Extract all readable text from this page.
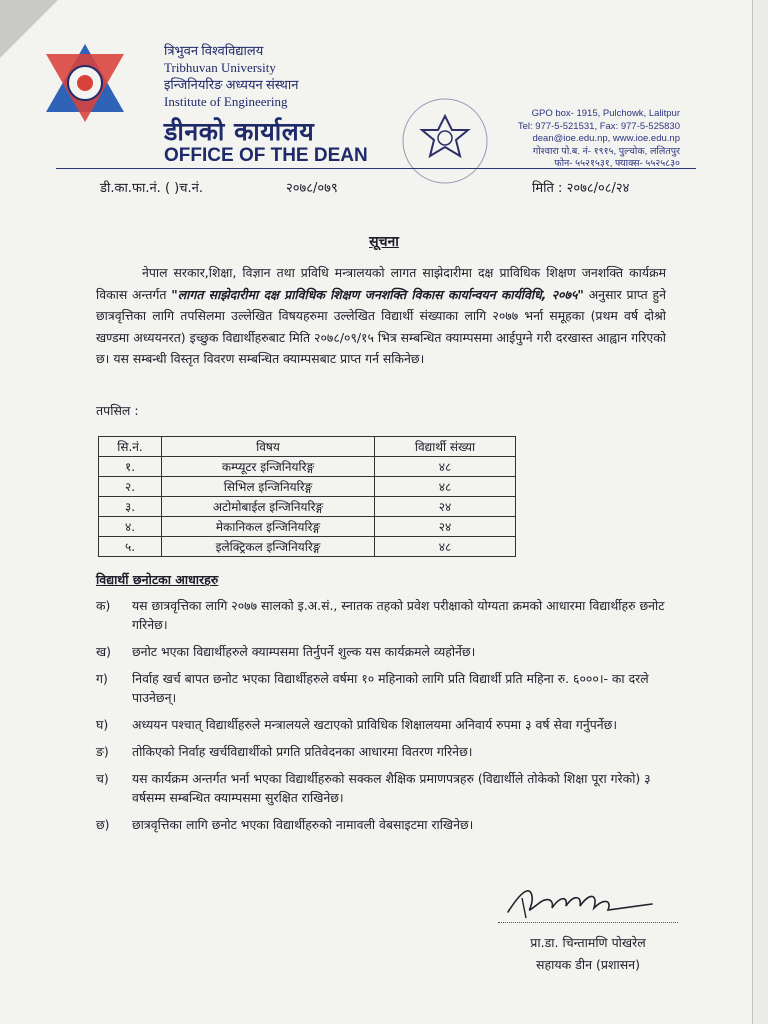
त्रिभुवन विश्वविद्यालय
Tribhuvan University
इन्जिनियरिङ अध्ययन संस्थान
Institute of Engineering
डीनको कार्यालय
OFFICE OF THE DEAN
GPO box- 1915, Pulchowk, Lalitpur
Tel: 977-5-521531, Fax: 977-5-525830
dean@ioe.edu.np, www.ioe.edu.np
गोश्वारा पो.ब. नं- १९१५, पुल्चोक, ललितपुर
फोन- ५५२१५३१, फ्याक्स- ५५२५८३०
डी.का.फा.नं. ( )च.नं.	२०७८/०७९	मिति : २०७८/०८/२४
सूचना
नेपाल सरकार,शिक्षा, विज्ञान तथा प्रविधि मन्त्रालयको लागत साझेदारीमा दक्ष प्राविधिक शिक्षण जनशक्ति कार्यक्रम विकास अन्तर्गत "लागत साझेदारीमा दक्ष प्राविधिक शिक्षण जनशक्ति विकास कार्यान्वयन कार्यविधि, २०७५" अनुसार प्राप्त हुने छात्रवृत्तिका लागि तपसिलमा उल्लेखित विषयहरुमा उल्लेखित विद्यार्थी संख्याका लागि २०७७ भर्ना समूहका (प्रथम वर्ष दोश्रो खण्डमा अध्ययनरत) इच्छुक विद्यार्थीहरुबाट मिति २०७८/०९/१५ भित्र सम्बन्धित क्याम्पसमा आईपुग्ने गरी दरखास्त आह्वान गरिएको छ। यस सम्बन्धी विस्तृत विवरण सम्बन्धित क्याम्पसबाट प्राप्त गर्न सकिनेछ।
तपसिल :
सि.नं.	विषय	विद्यार्थी संख्या
१.	कम्प्यूटर इन्जिनियरिङ्ग	४८
२.	सिभिल इन्जिनियरिङ्ग	४८
३.	अटोमोबाईल इन्जिनियरिङ्ग	२४
४.	मेकानिकल इन्जिनियरिङ्ग	२४
५.	इलेक्ट्रिकल इन्जिनियरिङ्ग	४८
विद्यार्थी छनोटका आधारहरु
क) यस छात्रवृत्तिका लागि २०७७ सालको इ.अ.सं., स्नातक तहको प्रवेश परीक्षाको योग्यता क्रमको आधारमा विद्यार्थीहरु छनोट गरिनेछ।
ख) छनोट भएका विद्यार्थीहरुले क्याम्पसमा तिर्नुपर्ने शुल्क यस कार्यक्रमले व्यहोर्नेछ।
ग) निर्वाह खर्च बापत छनोट भएका विद्यार्थीहरुले वर्षमा १० महिनाको लागि प्रति विद्यार्थी प्रति महिना रु. ६०००।- का दरले पाउनेछन्।
घ) अध्ययन पश्चात् विद्यार्थीहरुले मन्त्रालयले खटाएको प्राविधिक शिक्षालयमा अनिवार्य रुपमा ३ वर्ष सेवा गर्नुपर्नेछ।
ङ) तोकिएको निर्वाह खर्चविद्यार्थीको प्रगति प्रतिवेदनका आधारमा वितरण गरिनेछ।
च) यस कार्यक्रम अन्तर्गत भर्ना भएका विद्यार्थीहरुको सक्कल शैक्षिक प्रमाणपत्रहरु (विद्यार्थीले तोकेको शिक्षा पूरा गरेको) ३ वर्षसम्म सम्बन्धित क्याम्पसमा सुरक्षित राखिनेछ।
छ) छात्रवृत्तिका लागि छनोट भएका विद्यार्थीहरुको नामावली वेबसाइटमा राखिनेछ।
प्रा.डा. चिन्तामणि पोखरेल
सहायक डीन (प्रशासन)
